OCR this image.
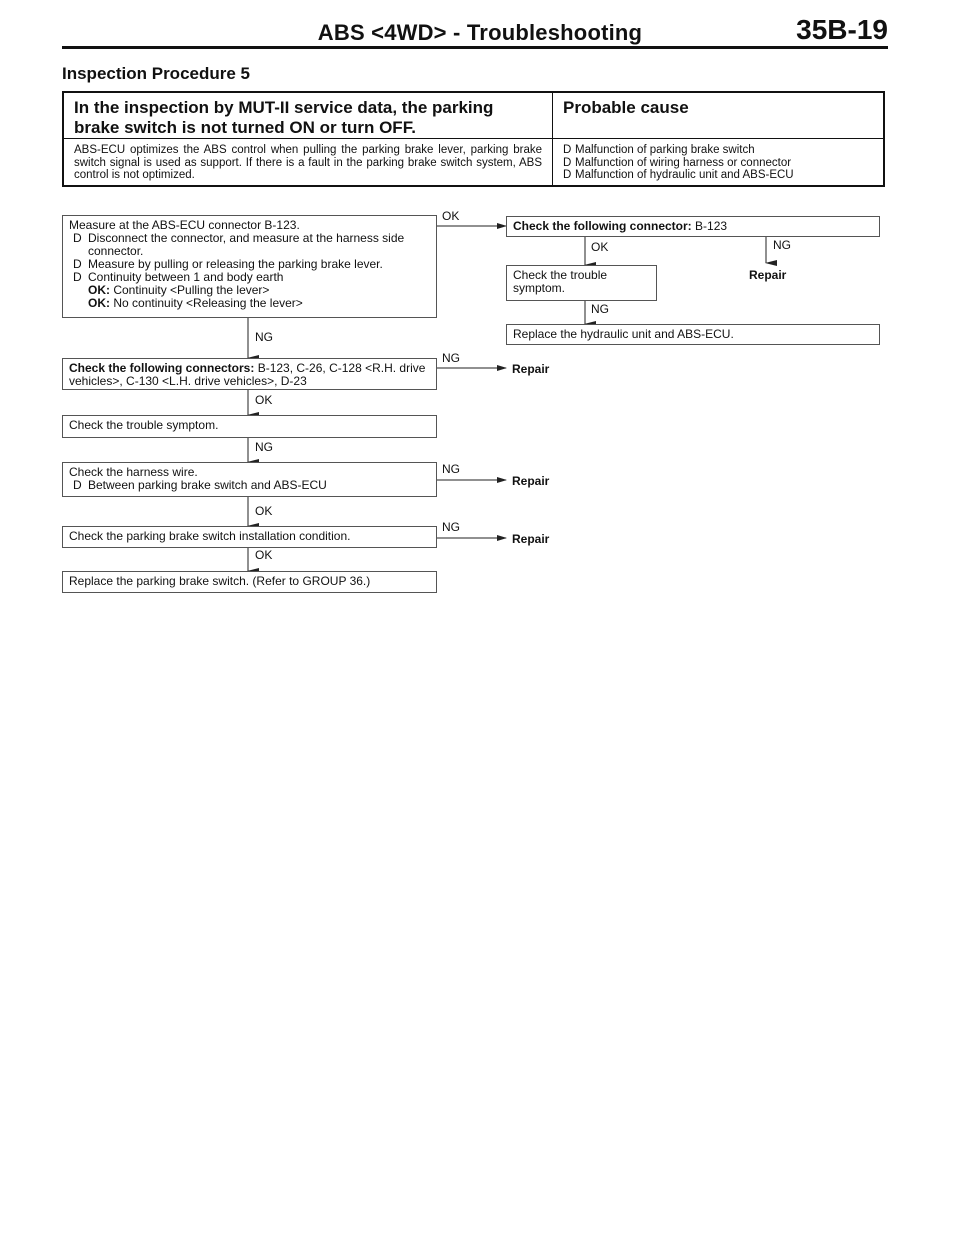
ABS <4WD> - Troubleshooting	35B-19
Inspection Procedure 5
In the inspection by MUT-II service data, the parking brake switch is not turned ON or turn OFF.
Probable cause
ABS-ECU optimizes the ABS control when pulling the parking brake lever, parking brake switch signal is used as support. If there is a fault in the parking brake switch system, ABS control is not optimized.
D Malfunction of parking brake switch
D Malfunction of wiring harness or connector
D Malfunction of hydraulic unit and ABS-ECU
Measure at the ABS-ECU connector B-123.
D Disconnect the connector, and measure at the harness side
connector.
D Measure by pulling or releasing the parking brake lever.
D Continuity between 1 and body earth
OK: Continuity <Pulling the lever>
OK: No continuity <Releasing the lever>
Check the following connector: B-123
Check the trouble symptom.
Replace the hydraulic unit and ABS-ECU.
Check the following connectors: B-123, C-26, C-128 <R.H. drive vehicles>, C-130 <L.H. drive vehicles>, D-23
Check the trouble symptom.
Check the harness wire.
D Between parking brake switch and ABS-ECU
Check the parking brake switch installation condition.
Replace the parking brake switch. (Refer to GROUP 36.)
OK
OK	NG
NG
NG
NG
OK
NG
NG
OK
NG
OK
Repair
Repair
Repair
Repair
